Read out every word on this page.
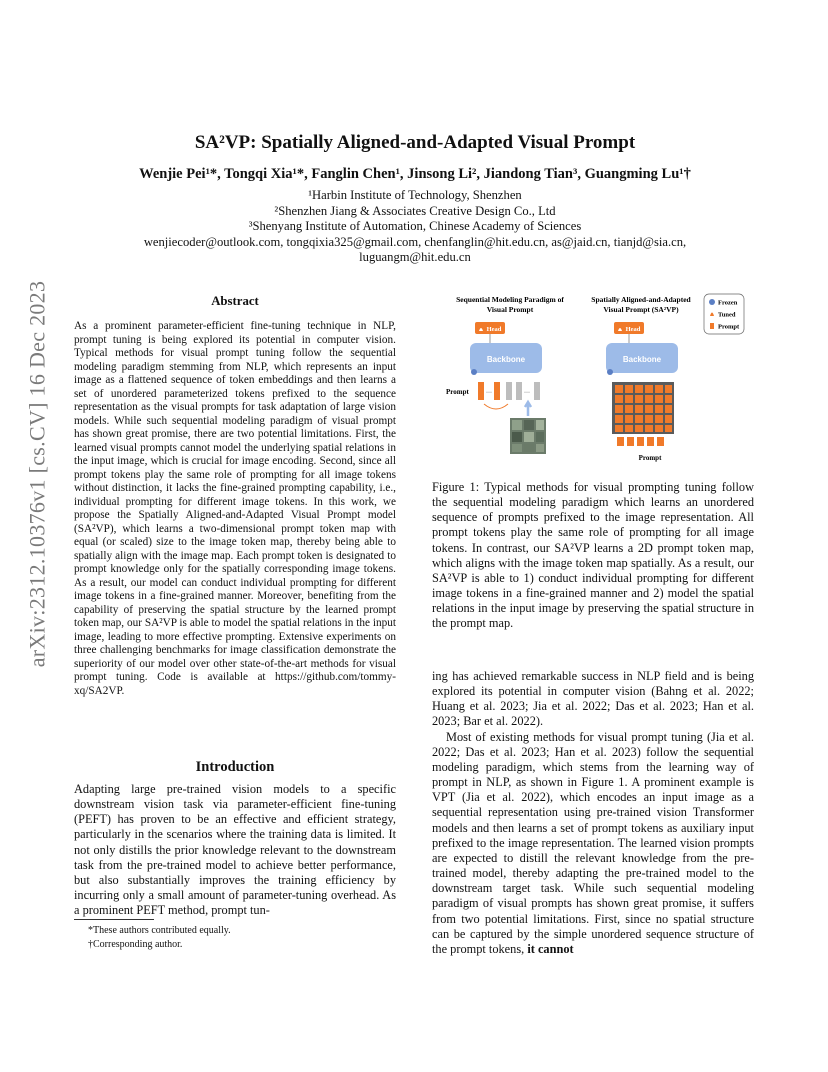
arXiv:2312.10376v1 [cs.CV] 16 Dec 2023
SA²VP: Spatially Aligned-and-Adapted Visual Prompt
Wenjie Pei¹*, Tongqi Xia¹*, Fanglin Chen¹, Jinsong Li², Jiandong Tian³, Guangming Lu¹†
¹Harbin Institute of Technology, Shenzhen
²Shenzhen Jiang & Associates Creative Design Co., Ltd
³Shenyang Institute of Automation, Chinese Academy of Sciences
wenjiecoder@outlook.com, tongqixia325@gmail.com, chenfanglin@hit.edu.cn, as@jaid.cn, tianjd@sia.cn,
luguangm@hit.edu.cn
Abstract
As a prominent parameter-efficient fine-tuning technique in NLP, prompt tuning is being explored its potential in computer vision. Typical methods for visual prompt tuning follow the sequential modeling paradigm stemming from NLP, which represents an input image as a flattened sequence of token embeddings and then learns a set of unordered parameterized tokens prefixed to the sequence representation as the visual prompts for task adaptation of large vision models. While such sequential modeling paradigm of visual prompt has shown great promise, there are two potential limitations. First, the learned visual prompts cannot model the underlying spatial relations in the input image, which is crucial for image encoding. Second, since all prompt tokens play the same role of prompting for all image tokens without distinction, it lacks the fine-grained prompting capability, i.e., individual prompting for different image tokens. In this work, we propose the Spatially Aligned-and-Adapted Visual Prompt model (SA²VP), which learns a two-dimensional prompt token map with equal (or scaled) size to the image token map, thereby being able to spatially align with the image map. Each prompt token is designated to prompt knowledge only for the spatially corresponding image tokens. As a result, our model can conduct individual prompting for different image tokens in a fine-grained manner. Moreover, benefiting from the capability of preserving the spatial structure by the learned prompt token map, our SA²VP is able to model the spatial relations in the input image, leading to more effective prompting. Extensive experiments on three challenging benchmarks for image classification demonstrate the superiority of our model over other state-of-the-art methods for visual prompt tuning. Code is available at https://github.com/tommy-xq/SA2VP.
Introduction
Adapting large pre-trained vision models to a specific downstream vision task via parameter-efficient fine-tuning (PEFT) has proven to be an effective and efficient strategy, particularly in the scenarios where the training data is limited. It not only distills the prior knowledge relevant to the downstream task from the pre-trained model to achieve better performance, but also substantially improves the training efficiency by incurring only a small amount of parameter-tuning overhead. As a prominent PEFT method, prompt tun-
*These authors contributed equally.
†Corresponding author.
Sequential Modeling Paradigm of
Visual Prompt
Spatially Aligned-and-Adapted
Visual Prompt (SA²VP)
Frozen
Tuned
Prompt
Head
Backbone
Prompt	···	···
Head
Backbone
Prompt
Figure 1: Typical methods for visual prompting tuning follow the sequential modeling paradigm which learns an unordered sequence of prompts prefixed to the image representation. All prompt tokens play the same role of prompting for all image tokens. In contrast, our SA²VP learns a 2D prompt token map, which aligns with the image token map spatially. As a result, our SA²VP is able to 1) conduct individual prompting for different image tokens in a fine-grained manner and 2) model the spatial relations in the input image by preserving the spatial structure in the prompt map.
ing has achieved remarkable success in NLP field and is being explored its potential in computer vision (Bahng et al. 2022; Huang et al. 2023; Jia et al. 2022; Das et al. 2023; Han et al. 2023; Bar et al. 2022).
Most of existing methods for visual prompt tuning (Jia et al. 2022; Das et al. 2023; Han et al. 2023) follow the sequential modeling paradigm, which stems from the learning way of prompt in NLP, as shown in Figure 1. A prominent example is VPT (Jia et al. 2022), which encodes an input image as a sequential representation using pre-trained vision Transformer models and then learns a set of prompt tokens as auxiliary input prefixed to the image representation. The learned vision prompts are expected to distill the relevant knowledge from the pre-trained model, thereby adapting the pre-trained model to the downstream target task. While such sequential modeling paradigm of visual prompts has shown great promise, it suffers from two potential limitations. First, since no spatial structure can be captured by the simple unordered sequence structure of the prompt tokens, it cannot
